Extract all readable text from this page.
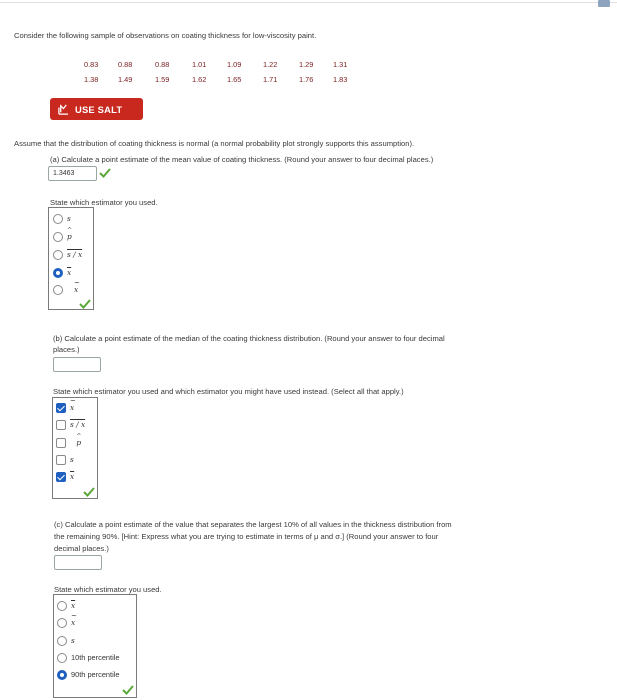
Consider the following sample of observations on coating thickness for low-viscosity paint.
0.83	0.88	0.88	1.01	1.09	1.22	1.29	1.31
1.38	1.49	1.59	1.62	1.65	1.71	1.76	1.83
USE SALT
Assume that the distribution of coating thickness is normal (a normal probability plot strongly supports this assumption).
(a) Calculate a point estimate of the mean value of coating thickness. (Round your answer to four decimal places.)
1.3463
State which estimator you used.
s
^ p
s / x
$\overline{x}$
~ x
(b) Calculate a point estimate of the median of the coating thickness distribution. (Round your answer to four decimal
places.)
State which estimator you used and which estimator you might have used instead. (Select all that apply.)
~ x
s / x
^ p
s
$\overline{x}$
(c) Calculate a point estimate of the value that separates the largest 10% of all values in the thickness distribution from
the remaining 90%. [Hint: Express what you are trying to estimate in terms of μ and σ.] (Round your answer to four
decimal places.)
State which estimator you used.
$\overline{x}$
~ x
s
10th percentile
90th percentile
